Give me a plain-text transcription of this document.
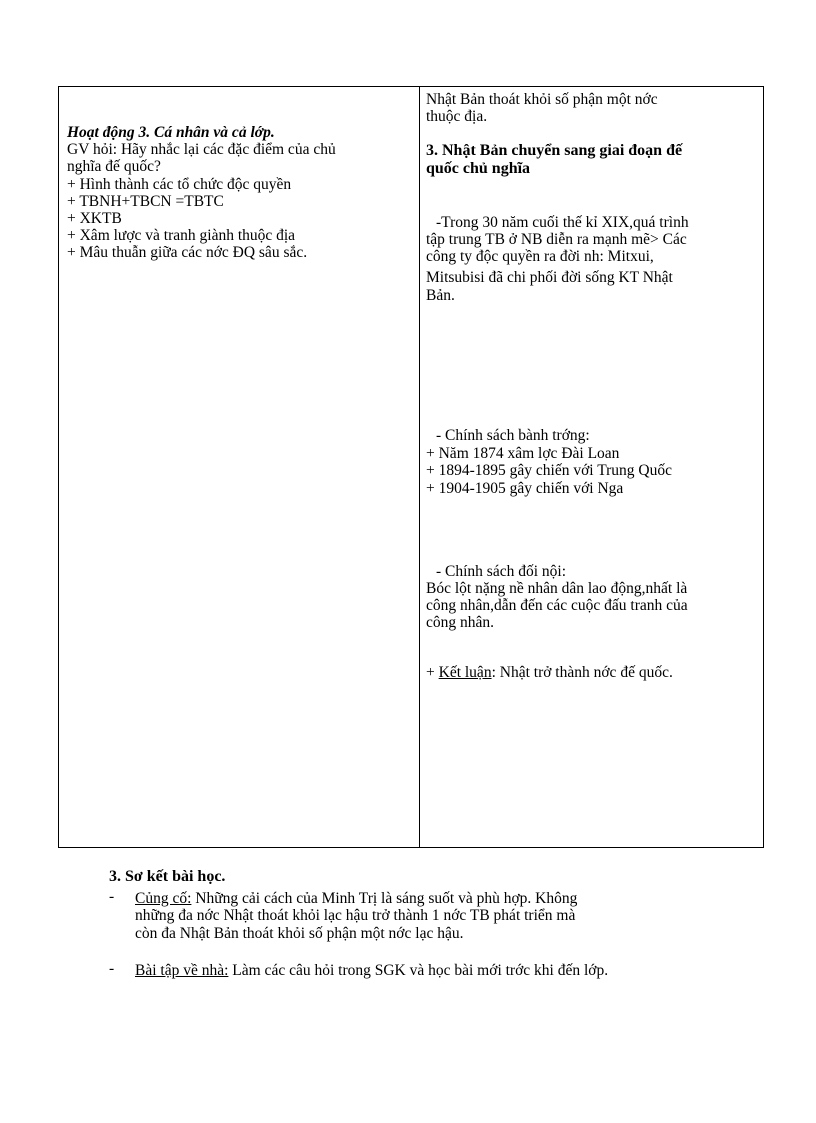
Hoạt động 3. Cá nhân và cả lớp.
GV hỏi: Hãy nhắc lại các đặc điểm của chủ
nghĩa đế quốc?
+ Hình thành các tổ chức độc quyền
+ TBNH+TBCN =TBTC
+ XKTB
+ Xâm lược và tranh giành thuộc địa
+ Mâu thuẫn giữa các nớc ĐQ sâu sắc.
Nhật Bản thoát khỏi số phận một nớc
thuộc địa.
3. Nhật Bản chuyển sang giai đoạn đế
quốc chủ nghĩa
-Trong 30 năm cuối thế kỉ XIX,quá trình
tập trung TB ở NB diễn ra mạnh mẽ> Các
công ty độc quyền ra đời nh: Mitxui,
Mitsubisi đã chi phối đời sống KT Nhật
Bản.
- Chính sách bành trớng:
+ Năm 1874 xâm lợc Đài Loan
+ 1894-1895 gây chiến với Trung Quốc
+ 1904-1905 gây chiến với Nga
- Chính sách đối nội:
Bóc lột nặng nề nhân dân lao động,nhất là
công nhân,dẫn đến các cuộc đấu tranh của
công nhân.
+ Kết luận: Nhật trở thành nớc đế quốc.
3. Sơ kết bài học.
- Củng cố: Những cải cách của Minh Trị là sáng suốt và phù hợp. Không
những đa nớc Nhật thoát khỏi lạc hậu trở thành 1 nớc TB phát triển mà
còn đa Nhật Bản thoát khỏi số phận một nớc lạc hậu.
- Bài tập về nhà: Làm các câu hỏi trong SGK và học bài mới trớc khi đến lớp.
